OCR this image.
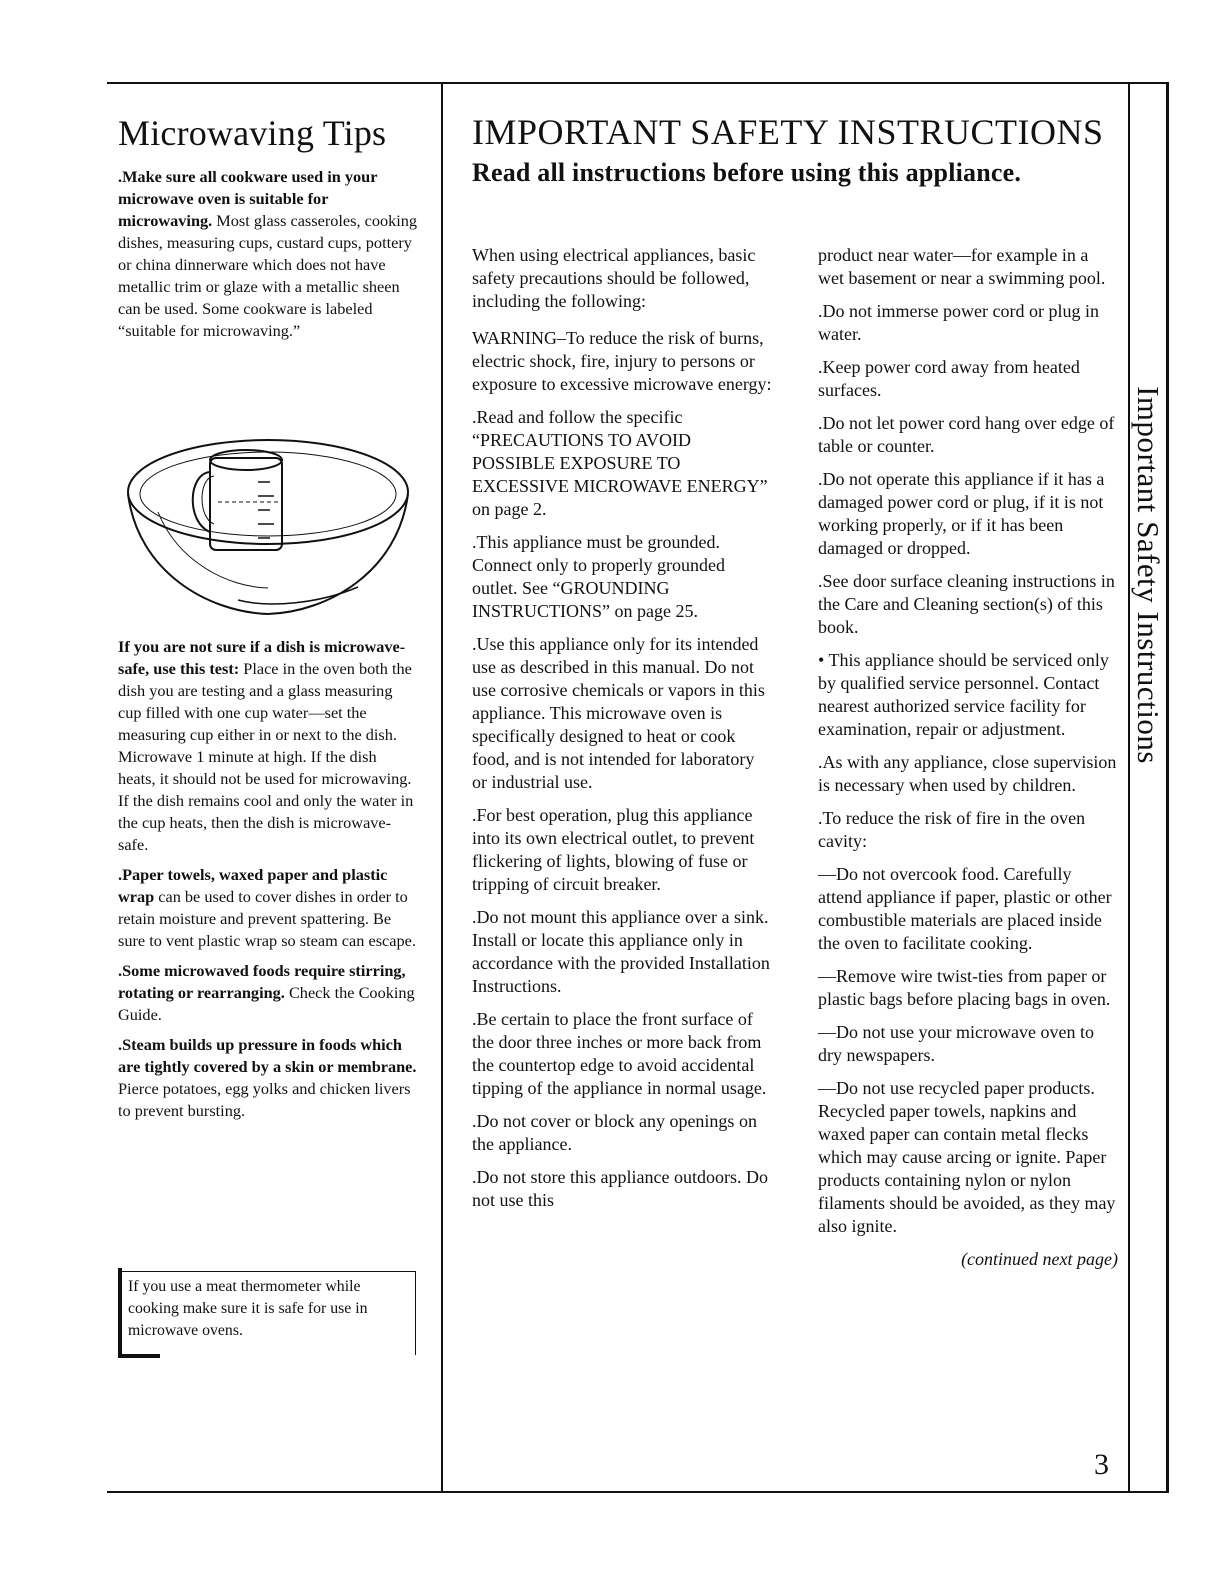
Important Safety Instructions
Microwaving Tips

.Make sure all cookware used in your microwave oven is suitable for microwaving. Most glass casseroles, cooking dishes, measuring cups, custard cups, pottery or china dinnerware which does not have metallic trim or glaze with a metallic sheen can be used. Some cookware is labeled “suitable for microwaving.”

If you are not sure if a dish is microwave-safe, use this test: Place in the oven both the dish you are testing and a glass measuring cup filled with one cup water—set the measuring cup either in or next to the dish. Microwave 1 minute at high. If the dish heats, it should not be used for microwaving. If the dish remains cool and only the water in the cup heats, then the dish is microwave-safe.

.Paper towels, waxed paper and plastic wrap can be used to cover dishes in order to retain moisture and prevent spattering. Be sure to vent plastic wrap so steam can escape.

.Some microwaved foods require stirring, rotating or rearranging. Check the Cooking Guide.

.Steam builds up pressure in foods which are tightly covered by a skin or membrane. Pierce potatoes, egg yolks and chicken livers to prevent bursting.

If you use a meat thermometer while cooking make sure it is safe for use in microwave ovens.

IMPORTANT SAFETY INSTRUCTIONS
Read all instructions before using this appliance.

When using electrical appliances, basic safety precautions should be followed, including the following:

WARNING–To reduce the risk of burns, electric shock, fire, injury to persons or exposure to excessive microwave energy:

.Read and follow the specific “PRECAUTIONS TO AVOID POSSIBLE EXPOSURE TO EXCESSIVE MICROWAVE ENERGY” on page 2.

.This appliance must be grounded. Connect only to properly grounded outlet. See “GROUNDING INSTRUCTIONS” on page 25.

.Use this appliance only for its intended use as described in this manual. Do not use corrosive chemicals or vapors in this appliance. This microwave oven is specifically designed to heat or cook food, and is not intended for laboratory or industrial use.

.For best operation, plug this appliance into its own electrical outlet, to prevent flickering of lights, blowing of fuse or tripping of circuit breaker.

.Do not mount this appliance over a sink. Install or locate this appliance only in accordance with the provided Installation Instructions.

.Be certain to place the front surface of the door three inches or more back from the countertop edge to avoid accidental tipping of the appliance in normal usage.

.Do not cover or block any openings on the appliance.

.Do not store this appliance outdoors. Do not use this

product near water—for example in a wet basement or near a swimming pool.

.Do not immerse power cord or plug in water.

.Keep power cord away from heated surfaces.

.Do not let power cord hang over edge of table or counter.

.Do not operate this appliance if it has a damaged power cord or plug, if it is not working properly, or if it has been damaged or dropped.

.See door surface cleaning instructions in the Care and Cleaning section(s) of this book.

• This appliance should be serviced only by qualified service personnel. Contact nearest authorized service facility for examination, repair or adjustment.

.As with any appliance, close supervision is necessary when used by children.

.To reduce the risk of fire in the oven cavity:

—Do not overcook food. Carefully attend appliance if paper, plastic or other combustible materials are placed inside the oven to facilitate cooking.

—Remove wire twist-ties from paper or plastic bags before placing bags in oven.

—Do not use your microwave oven to dry newspapers.

—Do not use recycled paper products. Recycled paper towels, napkins and waxed paper can contain metal flecks which may cause arcing or ignite. Paper products containing nylon or nylon filaments should be avoided, as they may also ignite.

(continued next page)

3
